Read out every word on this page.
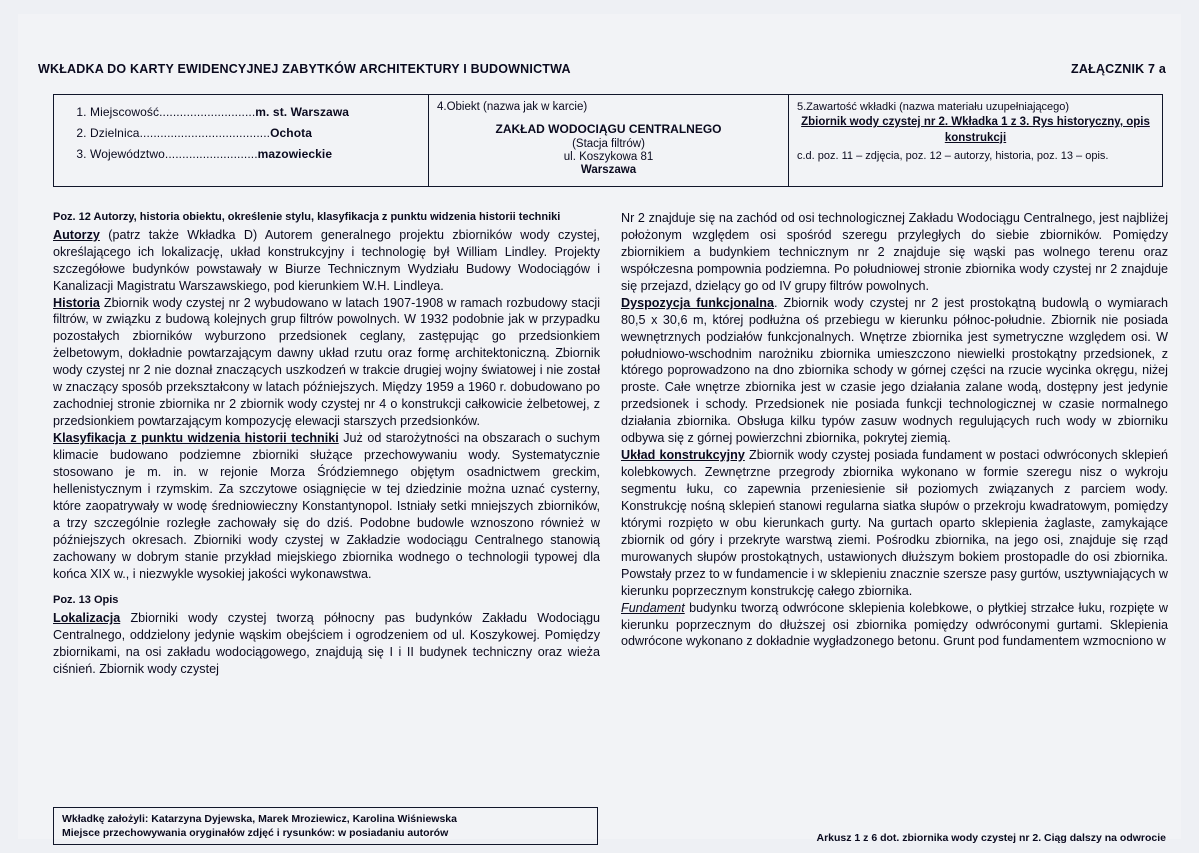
WKŁADKA DO KARTY EWIDENCYJNEJ ZABYTKÓW ARCHITEKTURY I BUDOWNICTWA	ZAŁĄCZNIK 7 a
1. Miejscowość............................m. st. Warszawa
2. Dzielnica......................................Ochota
3. Województwo...........................mazowieckie
4.Obiekt (nazwa jak w karcie)
ZAKŁAD WODOCIĄGU CENTRALNEGO
(Stacja filtrów)
ul. Koszykowa 81
Warszawa
5.Zawartość wkładki (nazwa materiału uzupełniającego)
Zbiornik wody czystej nr 2. Wkładka 1 z 3. Rys historyczny, opis konstrukcji
c.d. poz. 11 – zdjęcia, poz. 12 – autorzy, historia, poz. 13 – opis.
Poz. 12 Autorzy, historia obiektu, określenie stylu, klasyfikacja z punktu widzenia historii techniki

Autorzy (patrz także Wkładka D) Autorem generalnego projektu zbiorników wody czystej, określającego ich lokalizację, układ konstrukcyjny i technologię był William Lindley. Projekty szczegółowe budynków powstawały w Biurze Technicznym Wydziału Budowy Wodociągów i Kanalizacji Magistratu Warszawskiego, pod kierunkiem W.H. Lindleya.

Historia Zbiornik wody czystej nr 2 wybudowano w latach 1907-1908 w ramach rozbudowy stacji filtrów, w związku z budową kolejnych grup filtrów powolnych. W 1932 podobnie jak w przypadku pozostałych zbiorników wyburzono przedsionek ceglany, zastępując go przedsionkiem żelbetowym, dokładnie powtarzającym dawny układ rzutu oraz formę architektoniczną. Zbiornik wody czystej nr 2 nie doznał znaczących uszkodzeń w trakcie drugiej wojny światowej i nie został w znaczący sposób przekształcony w latach późniejszych. Między 1959 a 1960 r. dobudowano po zachodniej stronie zbiornika nr 2 zbiornik wody czystej nr 4 o konstrukcji całkowicie żelbetowej, z przedsionkiem powtarzającym kompozycję elewacji starszych przedsionków.

Klasyfikacja z punktu widzenia historii techniki Już od starożytności na obszarach o suchym klimacie budowano podziemne zbiorniki służące przechowywaniu wody. Systematycznie stosowano je m. in. w rejonie Morza Śródziemnego objętym osadnictwem greckim, hellenistycznym i rzymskim. Za szczytowe osiągnięcie w tej dziedzinie można uznać cysterny, które zaopatrywały w wodę średniowieczny Konstantynopol. Istniały setki mniejszych zbiorników, a trzy szczególnie rozległe zachowały się do dziś. Podobne budowle wznoszono również w późniejszych okresach. Zbiorniki wody czystej w Zakładzie wodociągu Centralnego stanowią zachowany w dobrym stanie przykład miejskiego zbiornika wodnego o technologii typowej dla końca XIX w., i niezwykle wysokiej jakości wykonawstwa.

Poz. 13 Opis

Lokalizacja Zbiorniki wody czystej tworzą północny pas budynków Zakładu Wodociągu Centralnego, oddzielony jedynie wąskim obejściem i ogrodzeniem od ul. Koszykowej. Pomiędzy zbiornikami, na osi zakładu wodociągowego, znajdują się I i II budynek techniczny oraz wieża ciśnień. Zbiornik wody czystej

Nr 2 znajduje się na zachód od osi technologicznej Zakładu Wodociągu Centralnego, jest najbliżej położonym względem osi spośród szeregu przyległych do siebie zbiorników. Pomiędzy zbiornikiem a budynkiem technicznym nr 2 znajduje się wąski pas wolnego terenu oraz współczesna pompownia podziemna. Po południowej stronie zbiornika wody czystej nr 2 znajduje się przejazd, dzielący go od IV grupy filtrów powolnych.

Dyspozycja funkcjonalna. Zbiornik wody czystej nr 2 jest prostokątną budowlą o wymiarach 80,5 x 30,6 m, której podłużna oś przebiegu w kierunku północ-południe. Zbiornik nie posiada wewnętrznych podziałów funkcjonalnych. Wnętrze zbiornika jest symetryczne względem osi. W południowo-wschodnim narożniku zbiornika umieszczono niewielki prostokątny przedsionek, z którego poprowadzono na dno zbiornika schody w górnej części na rzucie wycinka okręgu, niżej proste. Całe wnętrze zbiornika jest w czasie jego działania zalane wodą, dostępny jest jedynie przedsionek i schody. Przedsionek nie posiada funkcji technologicznej w czasie normalnego działania zbiornika. Obsługa kilku typów zasuw wodnych regulujących ruch wody w zbiorniku odbywa się z górnej powierzchni zbiornika, pokrytej ziemią.

Układ konstrukcyjny Zbiornik wody czystej posiada fundament w postaci odwróconych sklepień kolebkowych. Zewnętrzne przegrody zbiornika wykonano w formie szeregu nisz o wykroju segmentu łuku, co zapewnia przeniesienie sił poziomych związanych z parciem wody. Konstrukcję nośną sklepień stanowi regularna siatka słupów o przekroju kwadratowym, pomiędzy którymi rozpięto w obu kierunkach gurty. Na gurtach oparto sklepienia żaglaste, zamykające zbiornik od góry i przekryte warstwą ziemi. Pośrodku zbiornika, na jego osi, znajduje się rząd murowanych słupów prostokątnych, ustawionych dłuższym bokiem prostopadle do osi zbiornika. Powstały przez to w fundamencie i w sklepieniu znacznie szersze pasy gurtów, usztywniających w kierunku poprzecznym konstrukcję całego zbiornika.

Fundament budynku tworzą odwrócone sklepienia kolebkowe, o płytkiej strzałce łuku, rozpięte w kierunku poprzecznym do dłuższej osi zbiornika pomiędzy odwróconymi gurtami. Sklepienia odwrócone wykonano z dokładnie wygładzonego betonu. Grunt pod fundamentem wzmocniono w

Wkładkę założyli: Katarzyna Dyjewska, Marek Mroziewicz, Karolina Wiśniewska
Miejsce przechowywania oryginałów zdjęć i rysunków: w posiadaniu autorów	Arkusz 1 z 6 dot. zbiornika wody czystej nr 2. Ciąg dalszy na odwrocie
